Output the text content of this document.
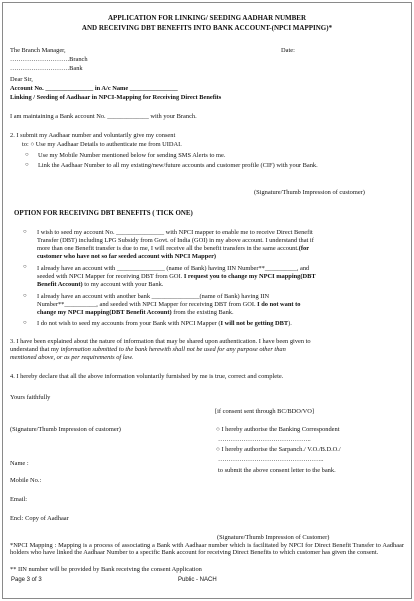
APPLICATION FOR LINKING/ SEEDING AADHAR NUMBER
AND RECEIVING DBT BENEFITS INTO BANK ACCOUNT-(NPCI MAPPING)*
The Branch Manager,	Date:
……………………….Branch
……………………….Bank
Dear Sir,
Account No. _______________ in A/c Name _______________
Linking / Seeding of Aadhaar in NPCI-Mapping for Receiving Direct Benefits
I am maintaining a Bank account No. _____________ with your Branch.
2. I submit my Aadhaar number and voluntarily give my consent
to: ○ Use my Aadhaar Details to authenticate me from UIDAI.
○ Use my Mobile Number mentioned below for sending SMS Alerts to me.
○ Link the Aadhaar Number to all my existing/new/future accounts and customer profile (CIF) with your Bank.
(Signature/Thumb Impression of customer)
OPTION FOR RECEIVING DBT BENEFITS ( TICK ONE)
○ I wish to seed my account No. _______________ with NPCI mapper to enable me to receive Direct Benefit
Transfer (DBT) including LPG Subsidy from Govt. of India (GOI) in my above account. I understand that if
more than one Benefit transfer is due to me, I will receive all the benefit transfers in the same account.(for
customer who have not so far seeded account with NPCI Mapper)
○ I already have an account with _______________ (name of Bank) having IIN Number**__________, and
seeded with NPCI Mapper for receiving DBT from GOI. I request you to change my NPCI mapping(DBT
Benefit Account) to my account with your Bank.
○ I already have an account with another bank _______________(name of Bank) having IIN
Number**__________, and seeded with NPCI Mapper for receiving DBT from GOI. I do not want to
change my NPCI mapping(DBT Benefit Account) from the existing Bank.
○ I do not wish to seed my accounts from your Bank with NPCI Mapper (I will not be getting DBT).
3. I have been explained about the nature of information that may be shared upon authentication. I have been given to
understand that my information submitted to the bank herewith shall not be used for any purpose other than
mentioned above, or as per requirements of law.
4. I hereby declare that all the above information voluntarily furnished by me is true, correct and complete.
Yours faithfully
[if consent sent through BC/BDO/VO]
(Signature/Thumb Impression of customer)	○ I hereby authorise the Banking Correspondent
……………………………………..
○ I hereby authorise the Sarpanch./ V.O./B.D.O./
Name :
…………………………………………..
to submit the above consent letter to the bank.
Mobile No.:
Email:
Encl: Copy of Aadhaar
(Signature/Thumb Impression of Customer)
*NPCI Mapping : Mapping is a process of associating a Bank with Aadhaar number which is facilitated by NPCI for Direct Benefit Transfer to Aadhaar holders who have linked the Aadhaar Number to a specific Bank account for receiving Direct Benefits to which customer has given the consent.
** IIN number will be provided by Bank receiving the consent Application
Page 3 of 3	Public - NACH
